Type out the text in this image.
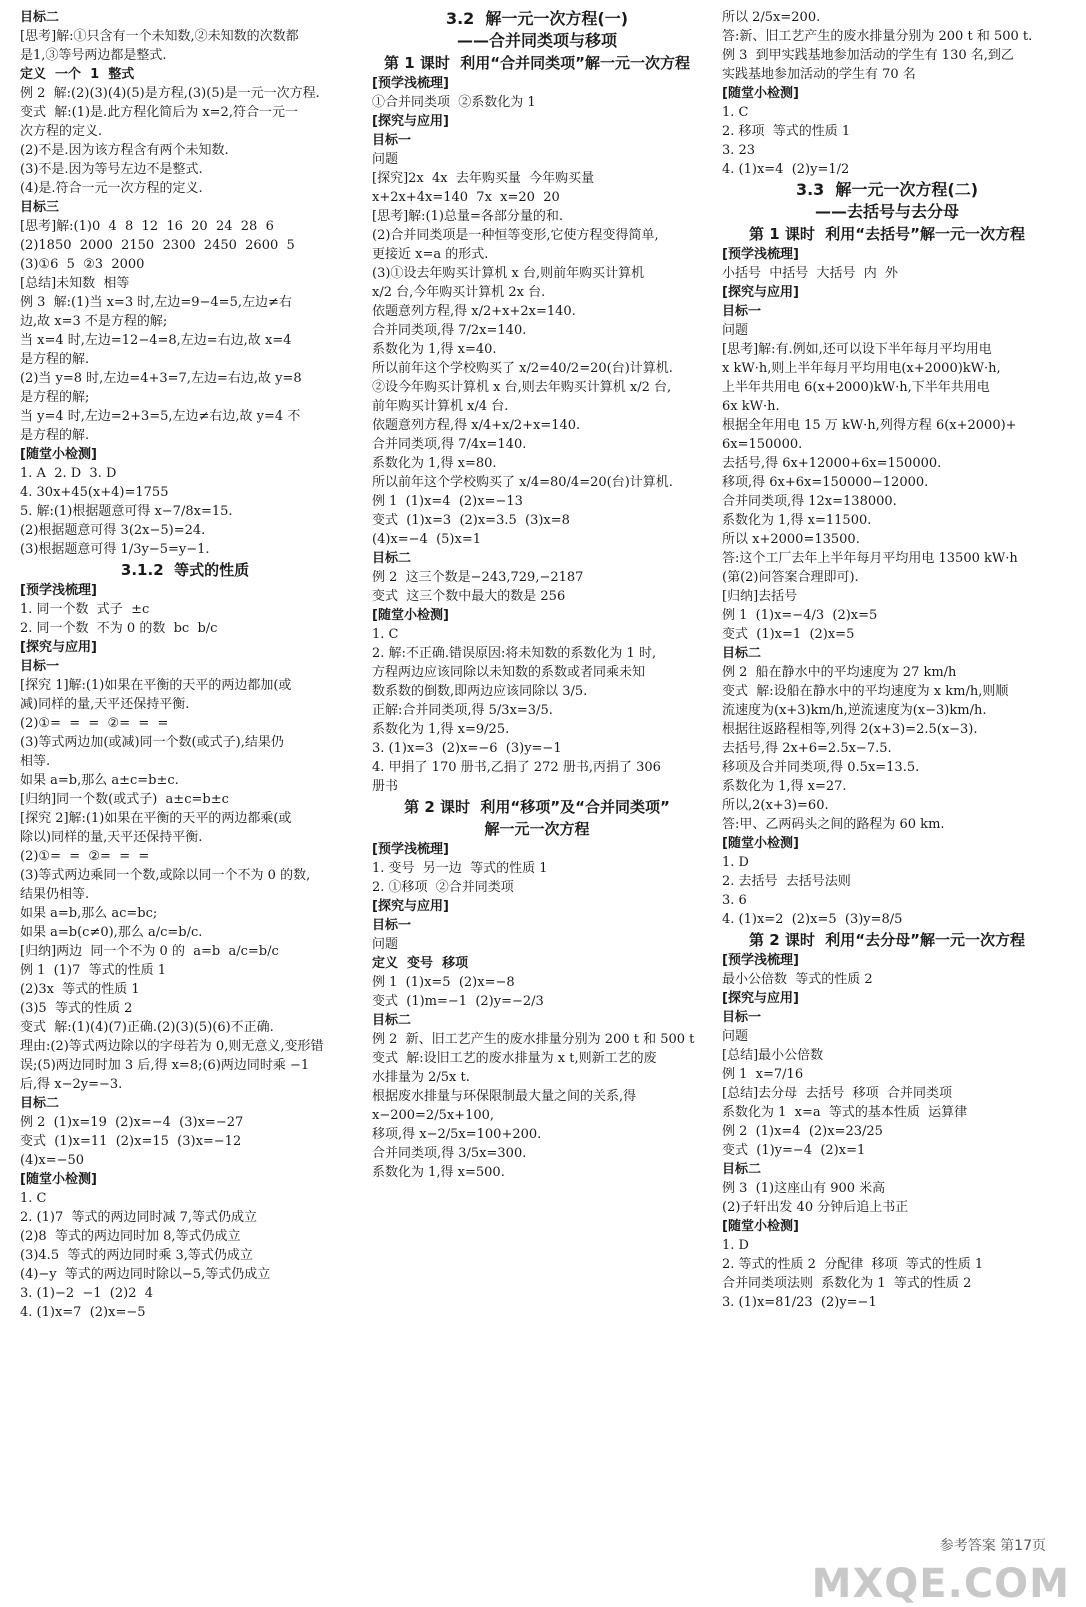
目标二
[思考]解:①只含有一个未知数,②未知数的次数都
是1,③等号两边都是整式.
定义  一个  1  整式
例 2  解:(2)(3)(4)(5)是方程,(3)(5)是一元一次方程.
变式  解:(1)是.此方程化简后为 x=2,符合一元一
次方程的定义.
(2)不是.因为该方程含有两个未知数.
(3)不是.因为等号左边不是整式.
(4)是.符合一元一次方程的定义.
目标三
[思考]解:(1)0  4  8  12  16  20  24  28  6
(2)1850  2000  2150  2300  2450  2600  5
(3)①6  5  ②3  2000
[总结]未知数  相等
例 3  解:(1)当 x=3 时,左边=9−4=5,左边≠右
边,故 x=3 不是方程的解;
当 x=4 时,左边=12−4=8,左边=右边,故 x=4
是方程的解.
(2)当 y=8 时,左边=4+3=7,左边=右边,故 y=8
是方程的解;
当 y=4 时,左边=2+3=5,左边≠右边,故 y=4 不
是方程的解.
[随堂小检测]
1. A  2. D  3. D
4. 30x+45(x+4)=1755
5. 解:(1)根据题意可得 x−7/8x=15.
(2)根据题意可得 3(2x−5)=24.
(3)根据题意可得 1/3y−5=y−1.
3.1.2  等式的性质
[预学浅梳理]
1. 同一个数  式子  ±c
2. 同一个数  不为 0 的数  bc  b/c
[探究与应用]
目标一
[探究 1]解:(1)如果在平衡的天平的两边都加(或
减)同样的量,天平还保持平衡.
(2)①=  =  =  ②=  =  =
(3)等式两边加(或减)同一个数(或式子),结果仍
相等.
如果 a=b,那么 a±c=b±c.
[归纳]同一个数(或式子)  a±c=b±c
[探究 2]解:(1)如果在平衡的天平的两边都乘(或
除以)同样的量,天平还保持平衡.
(2)①=  =  ②=  =  =
(3)等式两边乘同一个数,或除以同一个不为 0 的数,
结果仍相等.
如果 a=b,那么 ac=bc;
如果 a=b(c≠0),那么 a/c=b/c.
[归纳]两边  同一个不为 0 的  a=b  a/c=b/c
例 1  (1)7  等式的性质 1
(2)3x  等式的性质 1
(3)5  等式的性质 2
变式  解:(1)(4)(7)正确.(2)(3)(5)(6)不正确.
理由:(2)等式两边除以的字母若为 0,则无意义,变形错
误;(5)两边同时加 3 后,得 x=8;(6)两边同时乘 −1
后,得 x−2y=−3.
目标二
例 2  (1)x=19  (2)x=−4  (3)x=−27
变式  (1)x=11  (2)x=15  (3)x=−12
(4)x=−50
[随堂小检测]
1. C
2. (1)7  等式的两边同时减 7,等式仍成立
(2)8  等式的两边同时加 8,等式仍成立
(3)4.5  等式的两边同时乘 3,等式仍成立
(4)−y  等式的两边同时除以−5,等式仍成立
3. (1)−2  −1  (2)2  4
4. (1)x=7  (2)x=−5
3.2  解一元一次方程(一)
——合并同类项与移项
第 1 课时  利用“合并同类项”解一元一次方程
[预学浅梳理]
①合并同类项  ②系数化为 1
[探究与应用]
目标一
问题
[探究]2x  4x  去年购买量  今年购买量
x+2x+4x=140  7x  x=20  20
[思考]解:(1)总量=各部分量的和.
(2)合并同类项是一种恒等变形,它使方程变得简单,
更接近 x=a 的形式.
(3)①设去年购买计算机 x 台,则前年购买计算机
x/2 台,今年购买计算机 2x 台.
依题意列方程,得 x/2+x+2x=140.
合并同类项,得 7/2x=140.
系数化为 1,得 x=40.
所以前年这个学校购买了 x/2=40/2=20(台)计算机.
②设今年购买计算机 x 台,则去年购买计算机 x/2 台,
前年购买计算机 x/4 台.
依题意列方程,得 x/4+x/2+x=140.
合并同类项,得 7/4x=140.
系数化为 1,得 x=80.
所以前年这个学校购买了 x/4=80/4=20(台)计算机.
例 1  (1)x=4  (2)x=−13
变式  (1)x=3  (2)x=3.5  (3)x=8
(4)x=−4  (5)x=1
目标二
例 2  这三个数是−243,729,−2187
变式  这三个数中最大的数是 256
[随堂小检测]
1. C
2. 解:不正确.错误原因:将未知数的系数化为 1 时,
方程两边应该同除以未知数的系数或者同乘未知
数系数的倒数,即两边应该同除以 3/5.
正解:合并同类项,得 5/3x=3/5.
系数化为 1,得 x=9/25.
3. (1)x=3  (2)x=−6  (3)y=−1
4. 甲捐了 170 册书,乙捐了 272 册书,丙捐了 306
册书
第 2 课时  利用“移项”及“合并同类项”
解一元一次方程
[预学浅梳理]
1. 变号  另一边  等式的性质 1
2. ①移项  ②合并同类项
[探究与应用]
目标一
问题
定义  变号  移项
例 1  (1)x=5  (2)x=−8
变式  (1)m=−1  (2)y=−2/3
目标二
例 2  新、旧工艺产生的废水排量分别为 200 t 和 500 t
变式  解:设旧工艺的废水排量为 x t,则新工艺的废
水排量为 2/5x t.
根据废水排量与环保限制最大量之间的关系,得
x−200=2/5x+100,
移项,得 x−2/5x=100+200.
合并同类项,得 3/5x=300.
系数化为 1,得 x=500.
所以 2/5x=200.
答:新、旧工艺产生的废水排量分别为 200 t 和 500 t.
例 3  到甲实践基地参加活动的学生有 130 名,到乙
实践基地参加活动的学生有 70 名
[随堂小检测]
1. C
2. 移项  等式的性质 1
3. 23
4. (1)x=4  (2)y=1/2
3.3  解一元一次方程(二)
——去括号与去分母
第 1 课时  利用“去括号”解一元一次方程
[预学浅梳理]
小括号  中括号  大括号  内  外
[探究与应用]
目标一
问题
[思考]解:有.例如,还可以设下半年每月平均用电
x kW·h,则上半年每月平均用电(x+2000)kW·h,
上半年共用电 6(x+2000)kW·h,下半年共用电
6x kW·h.
根据全年用电 15 万 kW·h,列得方程 6(x+2000)+
6x=150000.
去括号,得 6x+12000+6x=150000.
移项,得 6x+6x=150000−12000.
合并同类项,得 12x=138000.
系数化为 1,得 x=11500.
所以 x+2000=13500.
答:这个工厂去年上半年每月平均用电 13500 kW·h
(第(2)问答案合理即可).
[归纳]去括号
例 1  (1)x=−4/3  (2)x=5
变式  (1)x=1  (2)x=5
目标二
例 2  船在静水中的平均速度为 27 km/h
变式  解:设船在静水中的平均速度为 x km/h,则顺
流速度为(x+3)km/h,逆流速度为(x−3)km/h.
根据往返路程相等,列得 2(x+3)=2.5(x−3).
去括号,得 2x+6=2.5x−7.5.
移项及合并同类项,得 0.5x=13.5.
系数化为 1,得 x=27.
所以,2(x+3)=60.
答:甲、乙两码头之间的路程为 60 km.
[随堂小检测]
1. D
2. 去括号  去括号法则
3. 6
4. (1)x=2  (2)x=5  (3)y=8/5
第 2 课时  利用“去分母”解一元一次方程
[预学浅梳理]
最小公倍数  等式的性质 2
[探究与应用]
目标一
问题
[总结]最小公倍数
例 1  x=7/16
[总结]去分母  去括号  移项  合并同类项
系数化为 1  x=a  等式的基本性质  运算律
例 2  (1)x=4  (2)x=23/25
变式  (1)y=−4  (2)x=1
目标二
例 3  (1)这座山有 900 米高
(2)子轩出发 40 分钟后追上书正
[随堂小检测]
1. D
2. 等式的性质 2  分配律  移项  等式的性质 1
合并同类项法则  系数化为 1  等式的性质 2
3. (1)x=81/23  (2)y=−1
参考答案 第17页
MXQE.COM
